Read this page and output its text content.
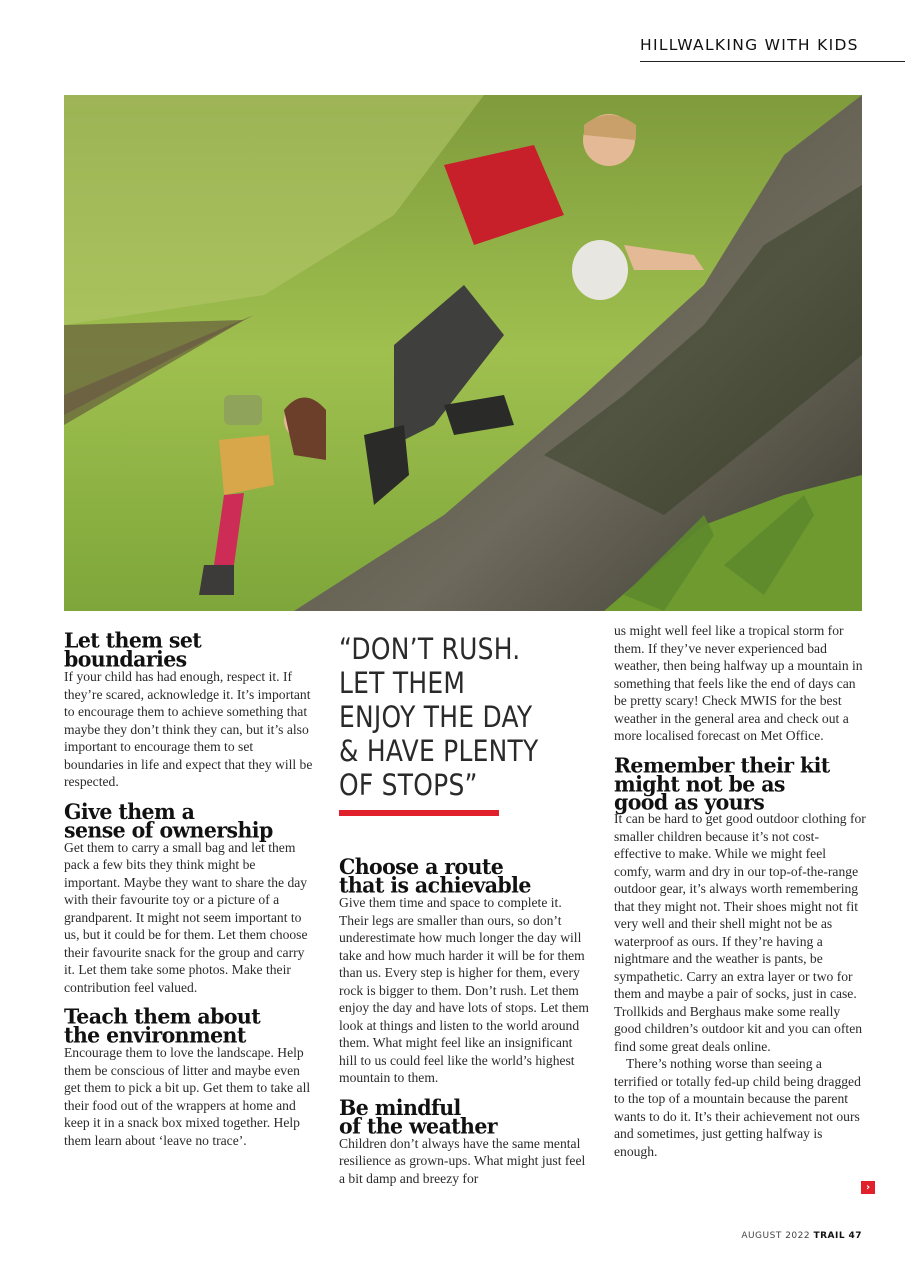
HILLWALKING WITH KIDS
Let them set
boundaries

If your child has had enough, respect it. If they’re scared, acknowledge it. It’s important to encourage them to achieve something that maybe they don’t think they can, but it’s also important to encourage them to set boundaries in life and expect that they will be respected.

Give them a
sense of ownership

Get them to carry a small bag and let them pack a few bits they think might be important. Maybe they want to share the day with their favourite toy or a picture of a grandparent. It might not seem important to us, but it could be for them. Let them choose their favourite snack for the group and carry it. Let them take some photos. Make their contribution feel valued.

Teach them about
the environment

Encourage them to love the landscape. Help them be conscious of litter and maybe even get them to pick a bit up. Get them to take all their food out of the wrappers at home and keep it in a snack box mixed together. Help them learn about ‘leave no trace’.

“DON’T RUSH.
LET THEM
ENJOY THE DAY
& HAVE PLENTY
OF STOPS”
Choose a route
that is achievable

Give them time and space to complete it. Their legs are smaller than ours, so don’t underestimate how much longer the day will take and how much harder it will be for them than us. Every step is higher for them, every rock is bigger to them. Don’t rush. Let them enjoy the day and have lots of stops. Let them look at things and listen to the world around them. What might feel like an insignificant hill to us could feel like the world’s highest mountain to them.

Be mindful
of the weather

Children don’t always have the same mental resilience as grown-ups. What might just feel a bit damp and breezy for

us might well feel like a tropical storm for them. If they’ve never experienced bad weather, then being halfway up a mountain in something that feels like the end of days can be pretty scary! Check MWIS for the best weather in the general area and check out a more localised forecast on Met Office.

Remember their kit
might not be as
good as yours

It can be hard to get good outdoor clothing for smaller children because it’s not cost-effective to make. While we might feel comfy, warm and dry in our top-of-the-range outdoor gear, it’s always worth remembering that they might not. Their shoes might not fit very well and their shell might not be as waterproof as ours. If they’re having a nightmare and the weather is pants, be sympathetic. Carry an extra layer or two for them and maybe a pair of socks, just in case. Trollkids and Berghaus make some really good children’s outdoor kit and you can often find some great deals online.

There’s nothing worse than seeing a terrified or totally fed-up child being dragged to the top of a mountain because the parent wants to do it. It’s their achievement not ours and sometimes, just getting halfway is enough.

›
AUGUST 2022 TRAIL 47
